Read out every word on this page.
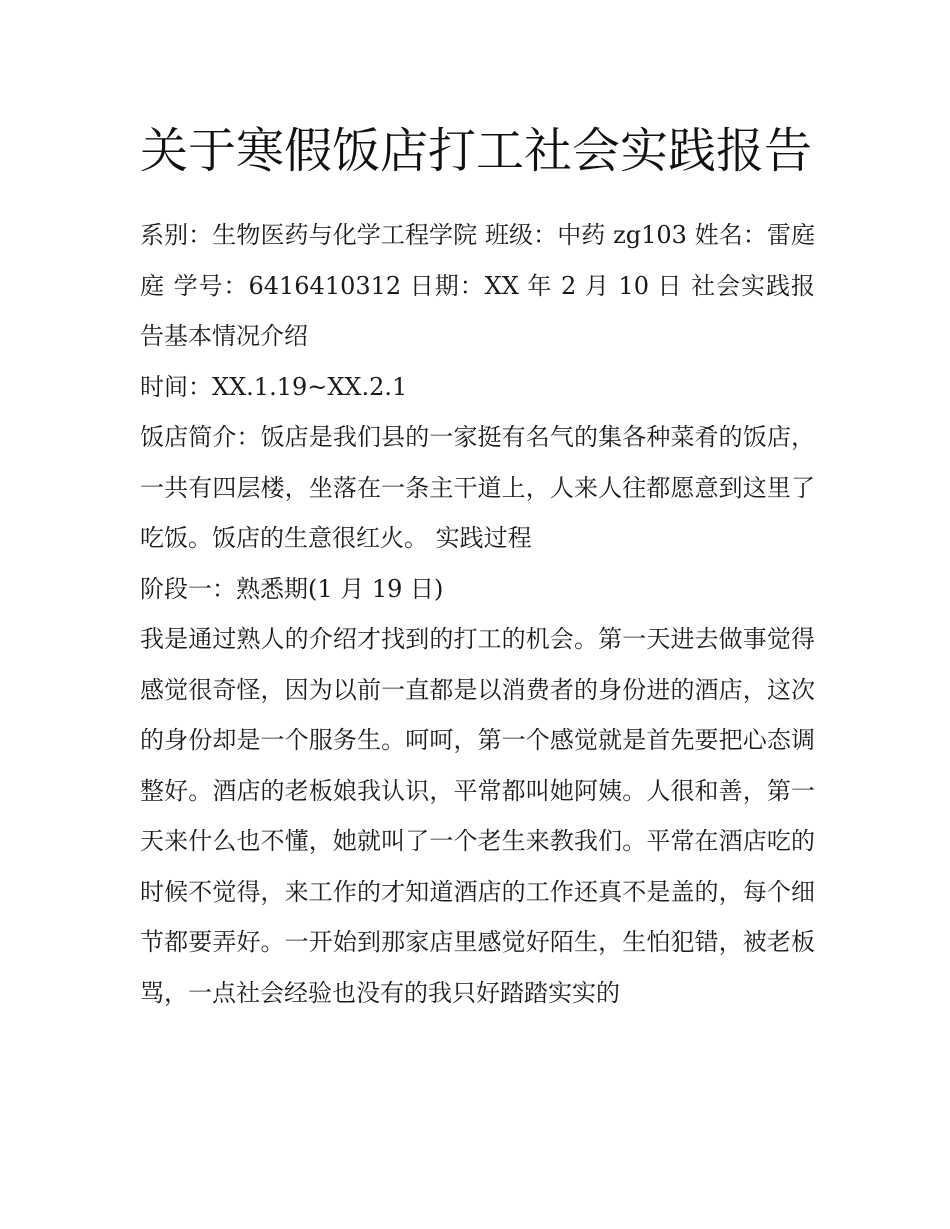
关于寒假饭店打工社会实践报告

系别：生物医药与化学工程学院 班级：中药 zg103 姓名：雷庭庭 学号：6416410312 日期：XX 年 2 月 10 日 社会实践报告基本情况介绍

时间：XX.1.19~XX.2.1

饭店简介：饭店是我们县的一家挺有名气的集各种菜肴的饭店，一共有四层楼，坐落在一条主干道上，人来人往都愿意到这里了吃饭。饭店的生意很红火。 实践过程

阶段一：熟悉期(1 月 19 日)

我是通过熟人的介绍才找到的打工的机会。第一天进去做事觉得感觉很奇怪，因为以前一直都是以消费者的身份进的酒店，这次的身份却是一个服务生。呵呵，第一个感觉就是首先要把心态调整好。酒店的老板娘我认识，平常都叫她阿姨。人很和善，第一天来什么也不懂，她就叫了一个老生来教我们。平常在酒店吃的时候不觉得，来工作的才知道酒店的工作还真不是盖的，每个细节都要弄好。一开始到那家店里感觉好陌生，生怕犯错，被老板骂，一点社会经验也没有的我只好踏踏实实的
